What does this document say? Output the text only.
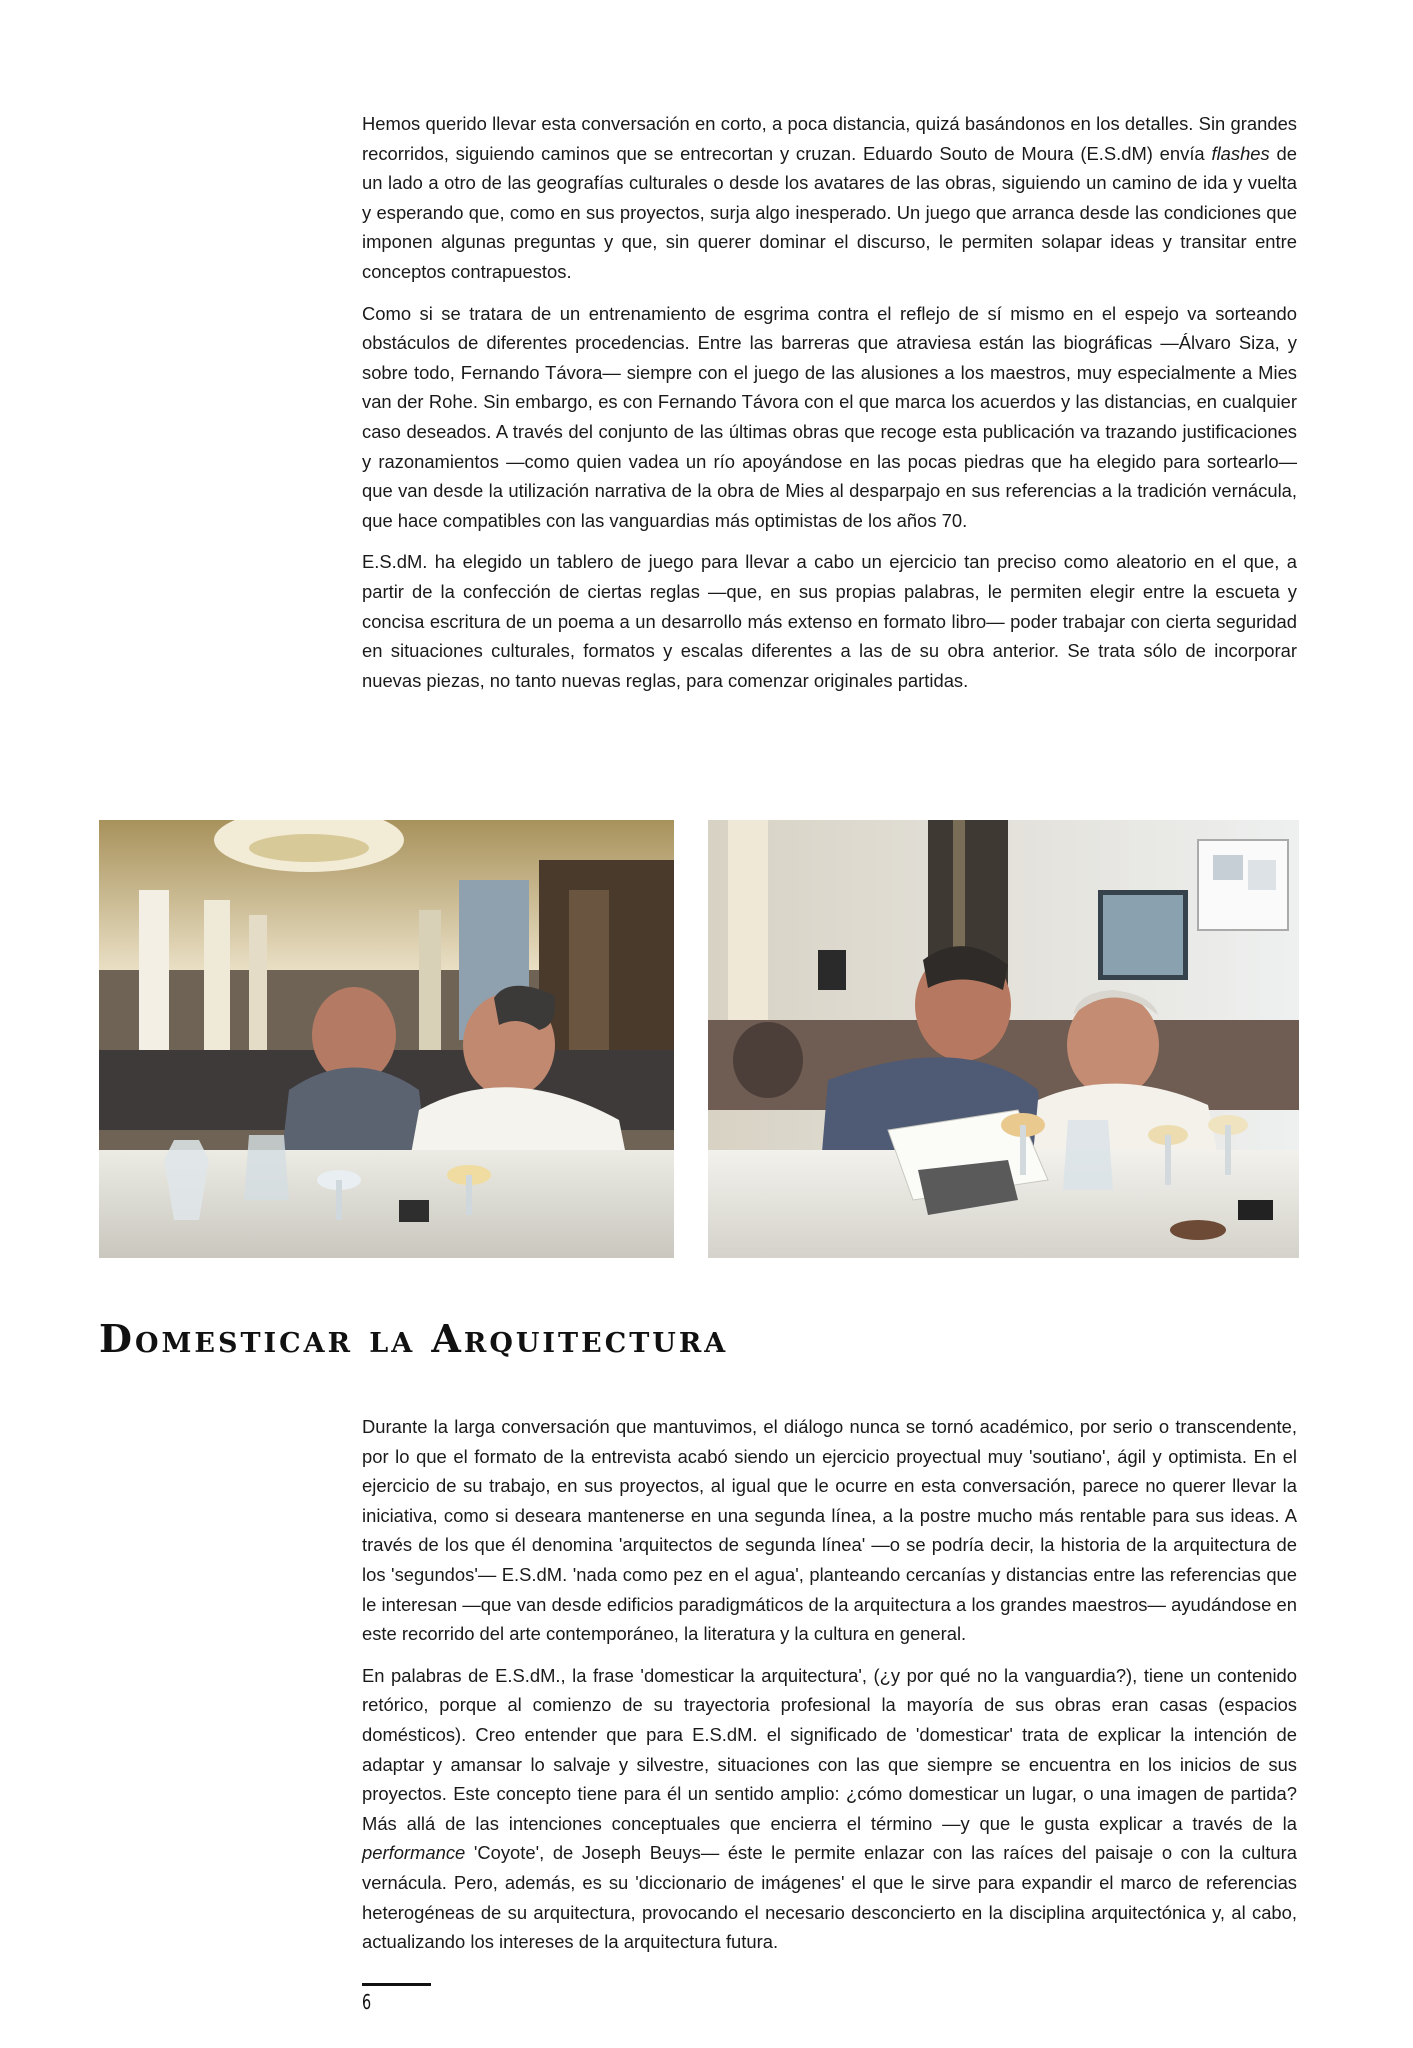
Hemos querido llevar esta conversación en corto, a poca distancia, quizá basándonos en los detalles. Sin grandes recorridos, siguiendo caminos que se entrecortan y cruzan. Eduardo Souto de Moura (E.S.dM) envía flashes de un lado a otro de las geografías culturales o desde los avatares de las obras, siguiendo un camino de ida y vuelta y esperando que, como en sus proyectos, surja algo inesperado. Un juego que arranca desde las condiciones que imponen algunas preguntas y que, sin querer dominar el discurso, le permiten solapar ideas y transitar entre conceptos contrapuestos.

Como si se tratara de un entrenamiento de esgrima contra el reflejo de sí mismo en el espejo va sorteando obstáculos de diferentes procedencias. Entre las barreras que atraviesa están las biográficas —Álvaro Siza, y sobre todo, Fernando Távora— siempre con el juego de las alusiones a los maestros, muy especialmente a Mies van der Rohe. Sin embargo, es con Fernando Távora con el que marca los acuerdos y las distancias, en cualquier caso deseados. A través del conjunto de las últimas obras que recoge esta publicación va trazando justificaciones y razonamientos —como quien vadea un río apoyándose en las pocas piedras que ha elegido para sortearlo— que van desde la utilización narrativa de la obra de Mies al desparpajo en sus referencias a la tradición vernácula, que hace compatibles con las vanguardias más optimistas de los años 70.

E.S.dM. ha elegido un tablero de juego para llevar a cabo un ejercicio tan preciso como aleatorio en el que, a partir de la confección de ciertas reglas —que, en sus propias palabras, le permiten elegir entre la escueta y concisa escritura de un poema a un desarrollo más extenso en formato libro— poder trabajar con cierta seguridad en situaciones culturales, formatos y escalas diferentes a las de su obra anterior. Se trata sólo de incorporar nuevas piezas, no tanto nuevas reglas, para comenzar originales partidas.

Domesticar la Arquitectura

Durante la larga conversación que mantuvimos, el diálogo nunca se tornó académico, por serio o transcendente, por lo que el formato de la entrevista acabó siendo un ejercicio proyectual muy 'soutiano', ágil y optimista. En el ejercicio de su trabajo, en sus proyectos, al igual que le ocurre en esta conversación, parece no querer llevar la iniciativa, como si deseara mantenerse en una segunda línea, a la postre mucho más rentable para sus ideas. A través de los que él denomina 'arquitectos de segunda línea' —o se podría decir, la historia de la arquitectura de los 'segundos'— E.S.dM. 'nada como pez en el agua', planteando cercanías y distancias entre las referencias que le interesan —que van desde edificios paradigmáticos de la arquitectura a los grandes maestros— ayudándose en este recorrido del arte contemporáneo, la literatura y la cultura en general.

En palabras de E.S.dM., la frase 'domesticar la arquitectura', (¿y por qué no la vanguardia?), tiene un contenido retórico, porque al comienzo de su trayectoria profesional la mayoría de sus obras eran casas (espacios domésticos). Creo entender que para E.S.dM. el significado de 'domesticar' trata de explicar la intención de adaptar y amansar lo salvaje y silvestre, situaciones con las que siempre se encuentra en los inicios de sus proyectos. Este concepto tiene para él un sentido amplio: ¿cómo domesticar un lugar, o una imagen de partida? Más allá de las intenciones conceptuales que encierra el término —y que le gusta explicar a través de la performance 'Coyote', de Joseph Beuys— éste le permite enlazar con las raíces del paisaje o con la cultura vernácula. Pero, además, es su 'diccionario de imágenes' el que le sirve para expandir el marco de referencias heterogéneas de su arquitectura, provocando el necesario desconcierto en la disciplina arquitectónica y, al cabo, actualizando los intereses de la arquitectura futura.

6
